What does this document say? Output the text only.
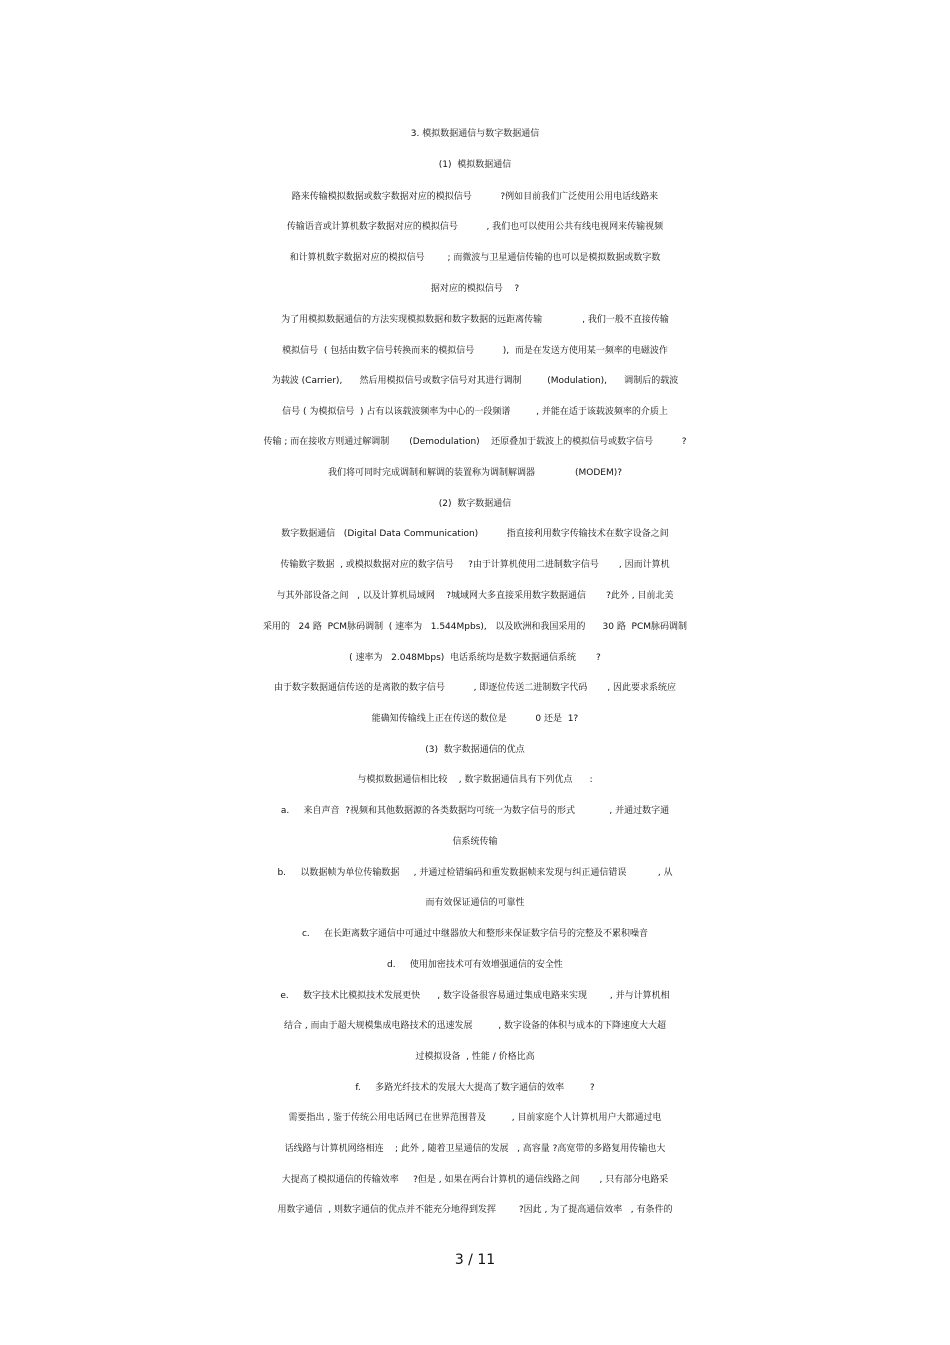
3. 模拟数据通信与数字数据通信
(1)  模拟数据通信
路来传输模拟数据或数字数据对应的模拟信号          ?例如目前我们广泛使用公用电话线路来
传输语音或计算机数字数据对应的模拟信号          , 我们也可以使用公共有线电视网来传输视频
和计算机数字数据对应的模拟信号        ; 而微波与卫星通信传输的也可以是模拟数据或数字数
据对应的模拟信号    ?
为了用模拟数据通信的方法实现模拟数据和数字数据的远距离传输              , 我们一般不直接传输
模拟信号  ( 包括由数字信号转换而来的模拟信号          ),  而是在发送方使用某一频率的电磁波作
为载波 (Carrier),      然后用模拟信号或数字信号对其进行调制         (Modulation),      调制后的载波
信号 ( 为模拟信号  ) 占有以该载波频率为中心的一段频谱         , 并能在适于该载波频率的介质上
传输 ; 而在接收方则通过解调制       (Demodulation)    还原叠加于载波上的模拟信号或数字信号          ?
我们将可同时完成调制和解调的装置称为调制解调器              (MODEM)?
(2)  数字数据通信
数字数据通信   (Digital Data Communication)          指直接利用数字传输技术在数字设备之间
传输数字数据  , 或模拟数据对应的数字信号     ?由于计算机使用二进制数字信号       , 因而计算机
与其外部设备之间   , 以及计算机局域网    ?城域网大多直接采用数字数据通信       ?此外 , 目前北美
采用的   24 路  PCM脉码调制  ( 速率为   1.544Mpbs),   以及欧洲和我国采用的      30 路  PCM脉码调制
( 速率为   2.048Mbps)  电话系统均是数字数据通信系统       ?
由于数字数据通信传送的是离散的数字信号          , 即逐位传送二进制数字代码       , 因此要求系统应
能确知传输线上正在传送的数位是          0 还是  1?
(3)  数字数据通信的优点
与模拟数据通信相比较    , 数字数据通信具有下列优点      :
a.     来自声音  ?视频和其他数据源的各类数据均可统一为数字信号的形式            , 并通过数字通
信系统传输
b.     以数据帧为单位传输数据     , 并通过检错编码和重发数据帧来发现与纠正通信错误           , 从
而有效保证通信的可靠性
c.     在长距离数字通信中可通过中继器放大和整形来保证数字信号的完整及不累积噪音
d.     使用加密技术可有效增强通信的安全性
e.     数字技术比模拟技术发展更快      , 数字设备很容易通过集成电路来实现        , 并与计算机相
结合 , 而由于超大规模集成电路技术的迅速发展         , 数字设备的体积与成本的下降速度大大超
过模拟设备  , 性能 / 价格比高
f.     多路光纤技术的发展大大提高了数字通信的效率         ?
需要指出 , 鉴于传统公用电话网已在世界范围普及         , 目前家庭个人计算机用户大都通过电
话线路与计算机网络相连    ; 此外 , 随着卫星通信的发展   , 高容量 ?高宽带的多路复用传输也大
大提高了模拟通信的传输效率     ?但是 , 如果在两台计算机的通信线路之间       , 只有部分电路采
用数字通信  , 则数字通信的优点并不能充分地得到发挥        ?因此 , 为了提高通信效率   , 有条件的
3 / 11
